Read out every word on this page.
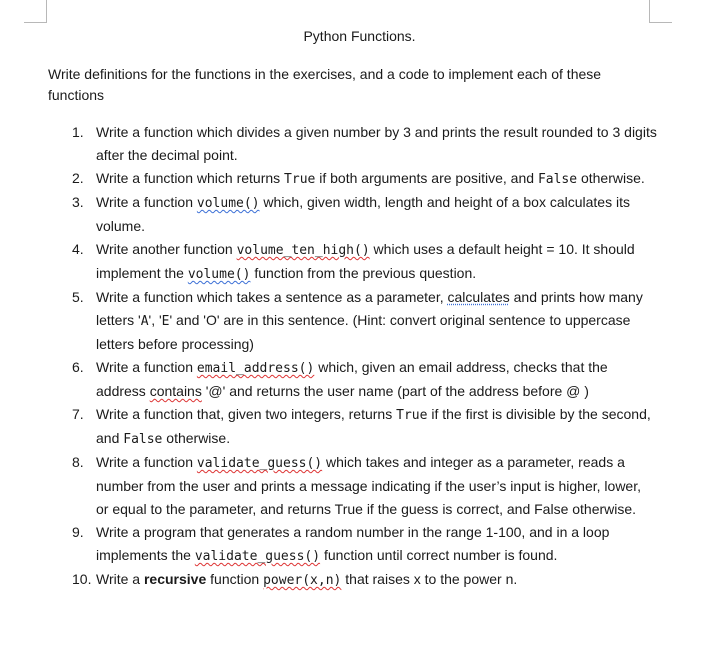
Python Functions.
Write definitions for the functions in the exercises, and a code to implement each of these functions
1. Write a function which divides a given number by 3 and prints the result rounded to 3 digits after the decimal point.
2. Write a function which returns True if both arguments are positive, and False otherwise.
3. Write a function volume() which, given width, length and height of a box calculates its volume.
4. Write another function volume_ten_high() which uses a default height = 10. It should implement the volume() function from the previous question.
5. Write a function which takes a sentence as a parameter, calculates and prints how many letters 'A', 'E' and 'O' are in this sentence. (Hint: convert original sentence to uppercase letters before processing)
6. Write a function email_address() which, given an email address, checks that the address contains '@' and returns the user name (part of the address before @ )
7. Write a function that, given two integers, returns True if the first is divisible by the second, and False otherwise.
8. Write a function validate_guess() which takes and integer as a parameter, reads a number from the user and prints a message indicating if the user’s input is higher, lower, or equal to the parameter, and returns True if the guess is correct, and False otherwise.
9. Write a program that generates a random number in the range 1-100, and in a loop implements the validate_guess() function until correct number is found.
10. Write a recursive function power(x,n) that raises x to the power n.
